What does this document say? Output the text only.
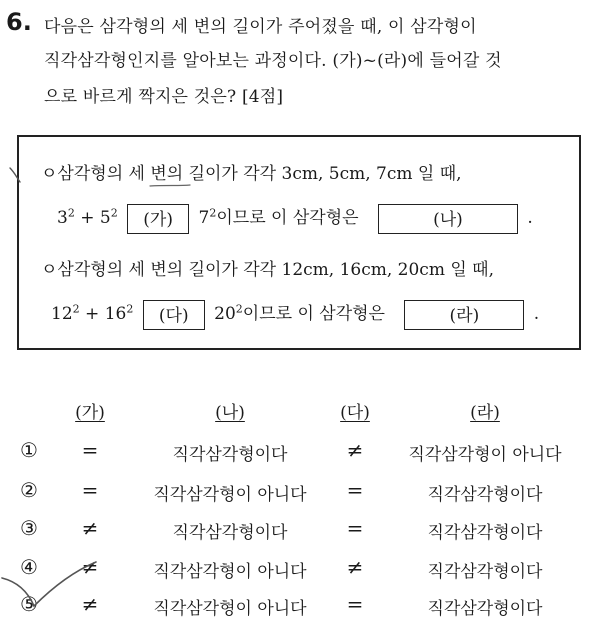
6. 다음은 삼각형의 세 변의 길이가 주어졌을 때, 이 삼각형이
직각삼각형인지를 알아보는 과정이다. (가)~(라)에 들어갈 것
으로 바르게 짝지은 것은? [4점]
ㅇ삼각형의 세 변의 길이가 각각 3cm, 5cm, 7cm 일 때,
$3^2 + 5^2$ (가) $7^2$이므로 이 삼각형은	(나)	.
ㅇ삼각형의 세 변의 길이가 각각 12cm, 16cm, 20cm 일 때,
$12^2 + 16^2$ (다) $20^2$이므로 이 삼각형은	(라)	.
(가)	(나)	(다)	(라)
①	=	직각삼각형이다	≠	직각삼각형이 아니다
②	=	직각삼각형이 아니다	=	직각삼각형이다
③	≠	직각삼각형이다	=	직각삼각형이다
④	≠	직각삼각형이 아니다	≠	직각삼각형이다
⑤	≠	직각삼각형이 아니다	=	직각삼각형이다
